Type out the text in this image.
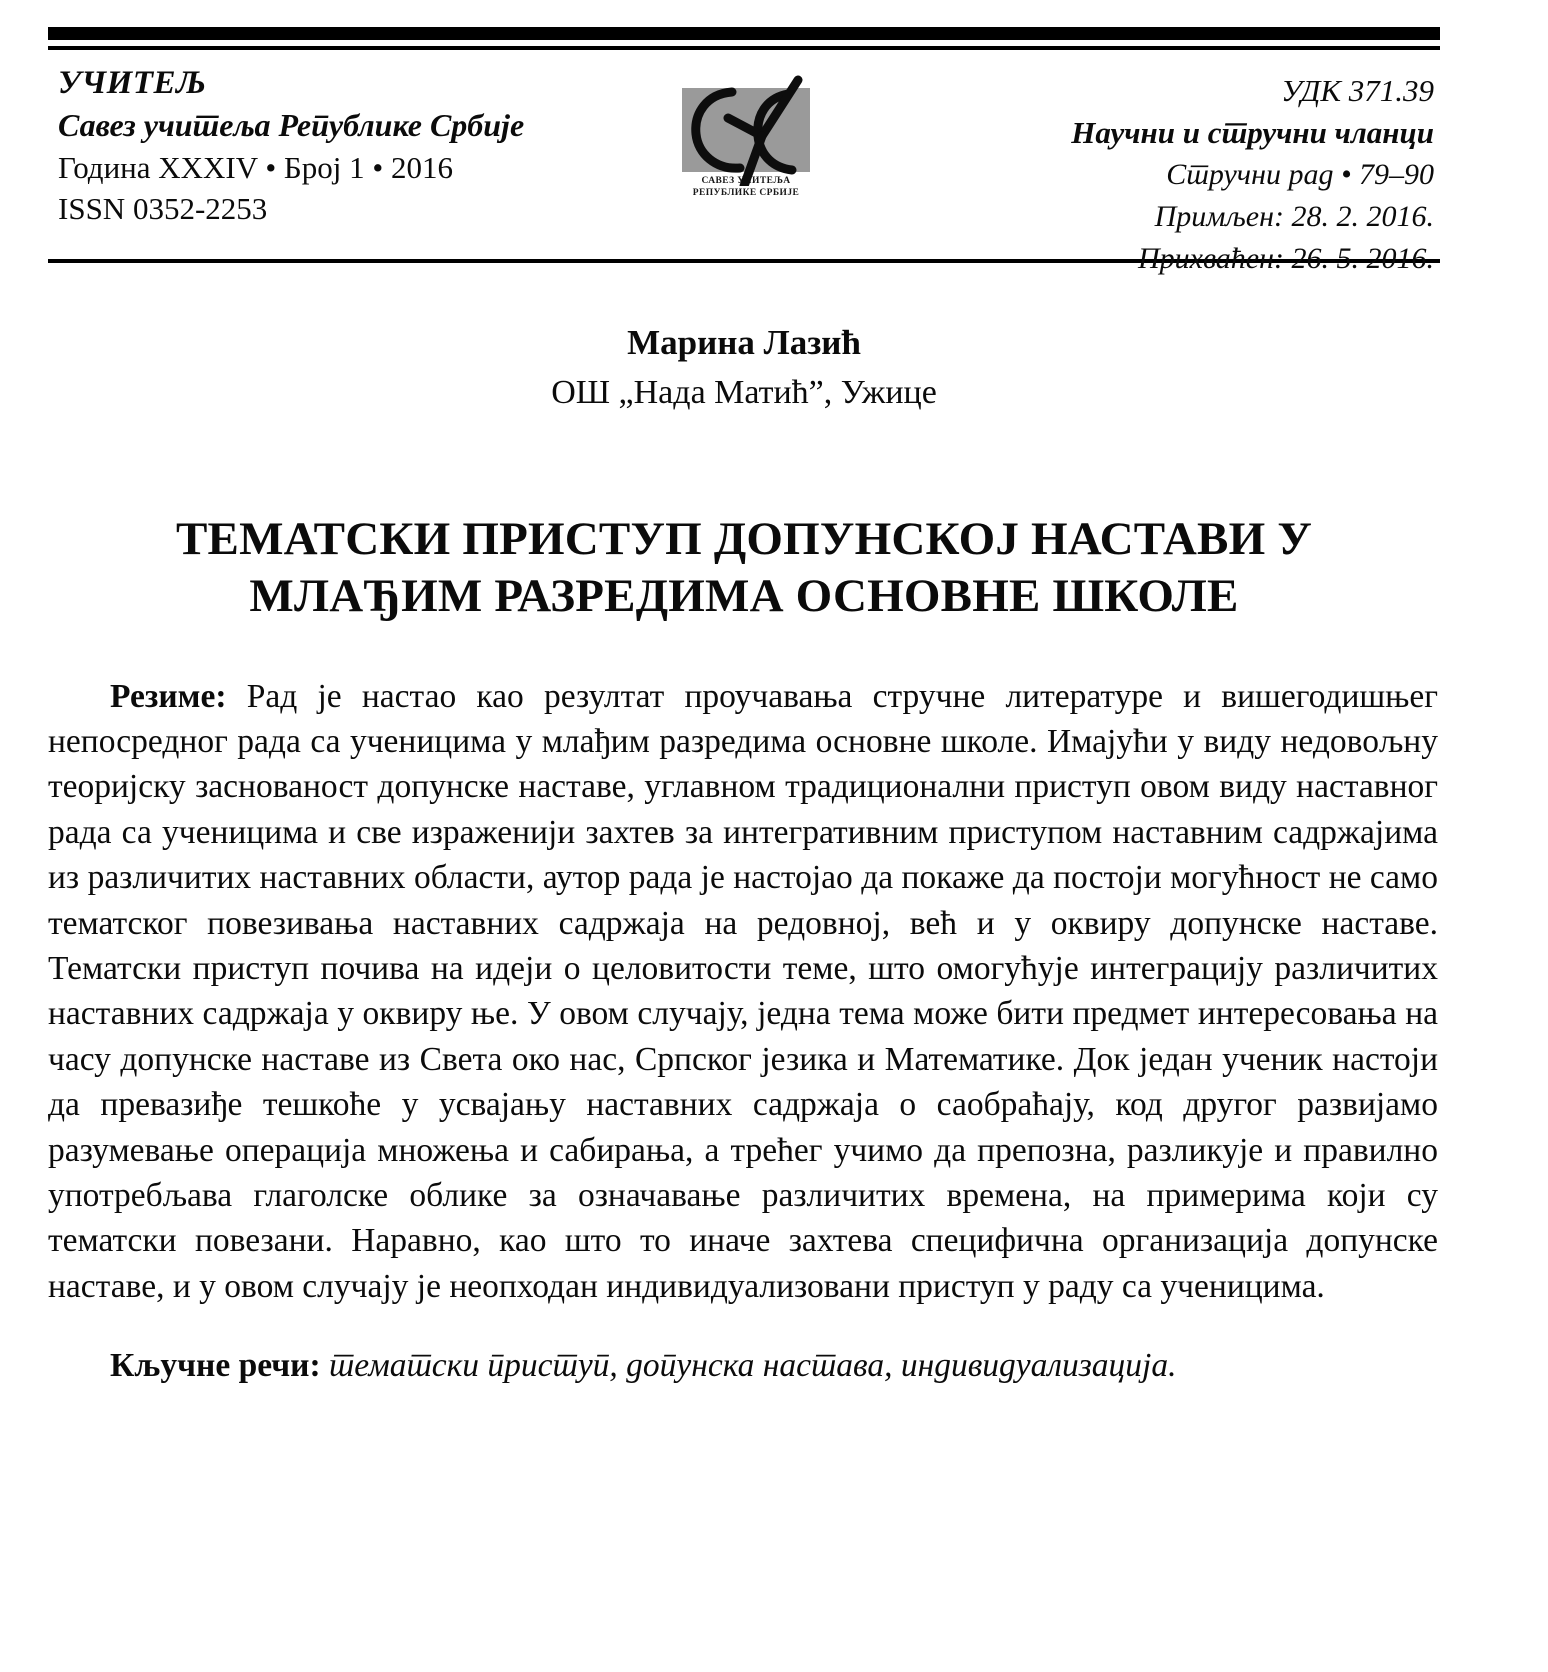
УЧИТЕЉ
Савез учитеља Републике Србије
Година XXXIV • Број 1 • 2016
ISSN 0352-2253
САВЕЗ УЧИТЕЉА
РЕПУБЛИКЕ СРБИЈЕ
УДК 371.39
Научни и стручни чланци
Стручни рад • 79–90
Примљен: 28. 2. 2016.
Прихваћен: 26. 5. 2016.
Марина Лазић
ОШ „Нада Матић”, Ужице
ТЕМАТСКИ ПРИСТУП ДОПУНСКОЈ НАСТАВИ У
МЛАЂИМ РАЗРЕДИМА ОСНОВНЕ ШКОЛЕ

Резиме: Рад је настао као резултат проучавања стручне литературе и вишегодишњег непосредног рада са ученицима у млађим разредима основне школе. Имајући у виду недовољну теоријску заснованост допунске наставе, углавном традиционални приступ овом виду наставног рада са ученицима и све израженији захтев за интегративним приступом наставним садржајима из различитих наставних области, аутор рада је настојао да покаже да постоји могућност не само тематског повезивања наставних садржаја на редовној, већ и у оквиру допунске наставе. Тематски приступ почива на идеји о целовитости теме, што омогућује интеграцију различитих наставних садржаја у оквиру ње. У овом случају, једна тема може бити предмет интересовања на часу допунске наставе из Света око нас, Српског језика и Математике. Док један ученик настоји да превазиђе тешкоће у усвајању наставних садржаја о саобраћају, код другог развијамо разумевање операција множења и сабирања, а трећег учимо да препозна, разликује и правилно употребљава глаголске облике за означавање различитих времена, на примерима који су тематски повезани. Наравно, као што то иначе захтева специфична организација допунске наставе, и у овом случају је неопходан индивидуализовани приступ у раду са ученицима.

Кључне речи: тематски приступ, допунска настава, индивидуализација.
